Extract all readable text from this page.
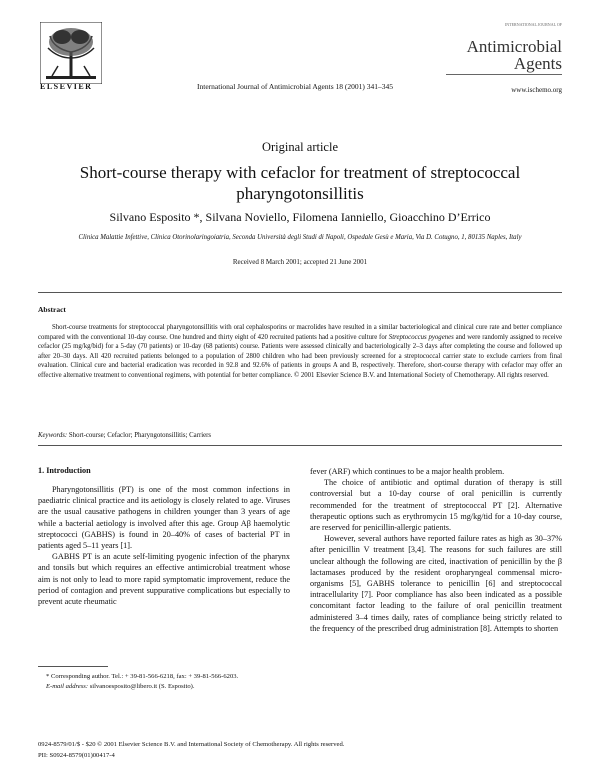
ELSEVIER	International Journal of Antimicrobial Agents 18 (2001) 341–345
INTERNATIONAL JOURNAL OF
Antimicrobial
Agents
www.ischemo.org
Original article
Short-course therapy with cefaclor for treatment of streptococcal pharyngotonsillitis
Silvano Esposito *, Silvana Noviello, Filomena Ianniello, Gioacchino D’Errico
Clinica Malattie Infettive, Clinica Otorinolaringoiatria, Seconda Università degli Studi di Napoli, Ospedale Gesù e Maria, Via D. Cotugno, 1, 80135 Naples, Italy
Received 8 March 2001; accepted 21 June 2001
Abstract
Short-course treatments for streptococcal pharyngotonsillitis with oral cephalosporins or macrolides have resulted in a similar bacteriological and clinical cure rate and better compliance compared with the conventional 10-day course. One hundred and thirty eight of 420 recruited patients had a positive culture for Streptococcus pyogenes and were randomly assigned to receive cefaclor (25 mg/kg/bid) for a 5-day (70 patients) or 10-day (68 patients) course. Patients were assessed clinically and bacteriologically 2–3 days after completing the course and followed up after 20–30 days. All 420 recruited patients belonged to a population of 2800 children who had been previously screened for a streptococcal carrier state to exclude carriers from final evaluation. Clinical cure and bacterial eradication was recorded in 92.8 and 92.6% of patients in groups A and B, respectively. Therefore, short-course therapy with cefaclor may offer an effective alternative treatment to conventional regimens, with potential for better compliance. © 2001 Elsevier Science B.V. and International Society of Chemotherapy. All rights reserved.
Keywords: Short-course; Cefaclor; Pharyngotonsillitis; Carriers
1. Introduction

Pharyngotonsillitis (PT) is one of the most common infections in paediatric clinical practice and its aetiology is closely related to age. Viruses are the usual causative pathogens in children younger than 3 years of age while a bacterial aetiology is involved after this age. Group Aβ haemolytic streptococci (GABHS) is found in 20–40% of cases of bacterial PT in patients aged 5–11 years [1].

GABHS PT is an acute self-limiting pyogenic infection of the pharynx and tonsils but which requires an effective antimicrobial treatment whose aim is not only to lead to more rapid symptomatic improvement, reduce the period of contagion and prevent suppurative complications but especially to prevent acute rheumatic

fever (ARF) which continues to be a major health problem.

The choice of antibiotic and optimal duration of therapy is still controversial but a 10-day course of oral penicillin is currently recommended for the treatment of streptococcal PT [2]. Alternative therapeutic options such as erythromycin 15 mg/kg/tid for a 10-day course, are reserved for penicillin-allergic patients.

However, several authors have reported failure rates as high as 30–37% after penicillin V treatment [3,4]. The reasons for such failures are still unclear although the following are cited, inactivation of penicillin by the β lactamases produced by the resident oropharyngeal commensal micro-organisms [5], GABHS tolerance to penicillin [6] and streptococcal intracellularity [7]. Poor compliance has also been indicated as a possible concomitant factor leading to the failure of oral penicillin treatment administered 3–4 times daily, rates of compliance being strictly related to the frequency of the prescribed drug administration [8]. Attempts to shorten

* Corresponding author. Tel.: + 39-81-566-6218, fax: + 39-81-566-6203.

E-mail address: silvanoesposito@libero.it (S. Esposito).

0924-8579/01/$ - $20 © 2001 Elsevier Science B.V. and International Society of Chemotherapy. All rights reserved.
PII: S0924-8579(01)00417-4
